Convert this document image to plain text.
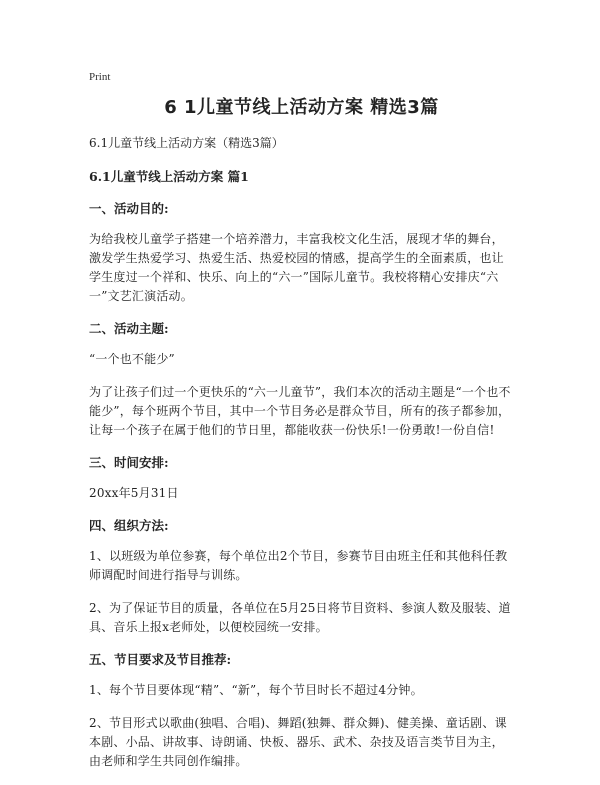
Print
6 1儿童节线上活动方案 精选3篇

6.1儿童节线上活动方案（精选3篇）

6.1儿童节线上活动方案 篇1

一、活动目的:

为给我校儿童学子搭建一个培养潜力，丰富我校文化生活，展现才华的舞台，激发学生热爱学习、热爱生活、热爱校园的情感，提高学生的全面素质，也让学生度过一个祥和、快乐、向上的“六一”国际儿童节。我校将精心安排庆“六一”文艺汇演活动。

二、活动主题:

“一个也不能少”

为了让孩子们过一个更快乐的“六一儿童节”，我们本次的活动主题是“一个也不能少”，每个班两个节目，其中一个节目务必是群众节目，所有的孩子都参加，让每一个孩子在属于他们的节日里，都能收获一份快乐!一份勇敢!一份自信!

三、时间安排:

20xx年5月31日

四、组织方法:

1、以班级为单位参赛，每个单位出2个节目，参赛节目由班主任和其他科任教师调配时间进行指导与训练。

2、为了保证节目的质量，各单位在5月25日将节目资料、参演人数及服装、道具、音乐上报x老师处，以便校园统一安排。

五、节目要求及节目推荐:

1、每个节目要体现“精”、“新”，每个节目时长不超过4分钟。

2、节目形式以歌曲(独唱、合唱)、舞蹈(独舞、群众舞)、健美操、童话剧、课本剧、小品、讲故事、诗朗诵、快板、器乐、武术、杂技及语言类节目为主，由老师和学生共同创作编排。
